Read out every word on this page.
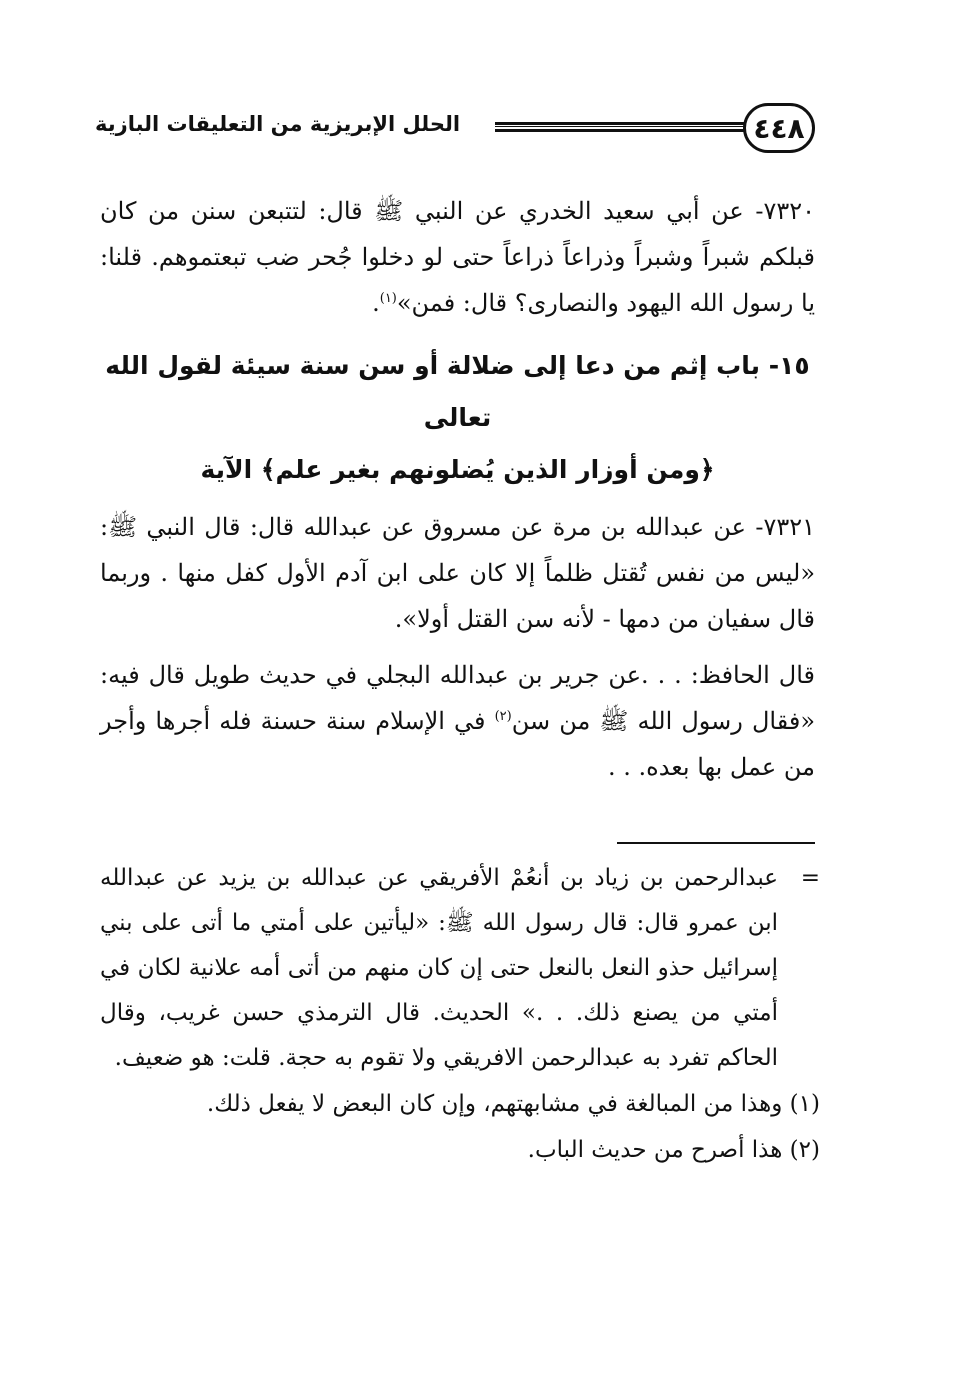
٤٤٨
الحلل الإبريزية من التعليقات البازية

٧٣٢٠- عن أبي سعيد الخدري عن النبي ﷺ قال: لتتبعن سنن من كان قبلكم شبراً وشبراً وذراعاً ذراعاً حتى لو دخلوا جُحر ضب تبعتموهم. قلنا: يا رسول الله اليهود والنصارى؟ قال: فمن»$^{(١)}$.

١٥- باب إثم من دعا إلى ضلالة أو سن سنة سيئة لقول الله تعالى
﴿ومن أوزار الذين يُضلونهم بغير علم﴾ الآية

٧٣٢١- عن عبدالله بن مرة عن مسروق عن عبدالله قال: قال النبي ﷺ: «ليس من نفس تُقتل ظلماً إلا كان على ابن آدم الأول كفل منها . وربما قال سفيان من دمها - لأنه سن القتل أولا».

قال الحافظ: . . .عن جرير بن عبدالله البجلي في حديث طويل قال فيه: «فقال رسول الله ﷺ من سن$^{(٢)}$ في الإسلام سنة حسنة فله أجرها وأجر من عمل بها بعده. . .

=
عبدالرحمن بن زياد بن أنعُمْ الأفريقي عن عبدالله بن يزيد عن عبدالله ابن عمرو قال: قال رسول الله ﷺ: «ليأتين على أمتي ما أتى على بني إسرائيل حذو النعل بالنعل حتى إن كان منهم من أتى أمه علانية لكان في أمتي من يصنع ذلك. . .» الحديث. قال الترمذي حسن غريب، وقال الحاكم تفرد به عبدالرحمن الافريقي ولا تقوم به حجة. قلت: هو ضعيف.

(١) وهذا من المبالغة في مشابهتهم، وإن كان البعض لا يفعل ذلك.

(٢) هذا أصرح من حديث الباب.
